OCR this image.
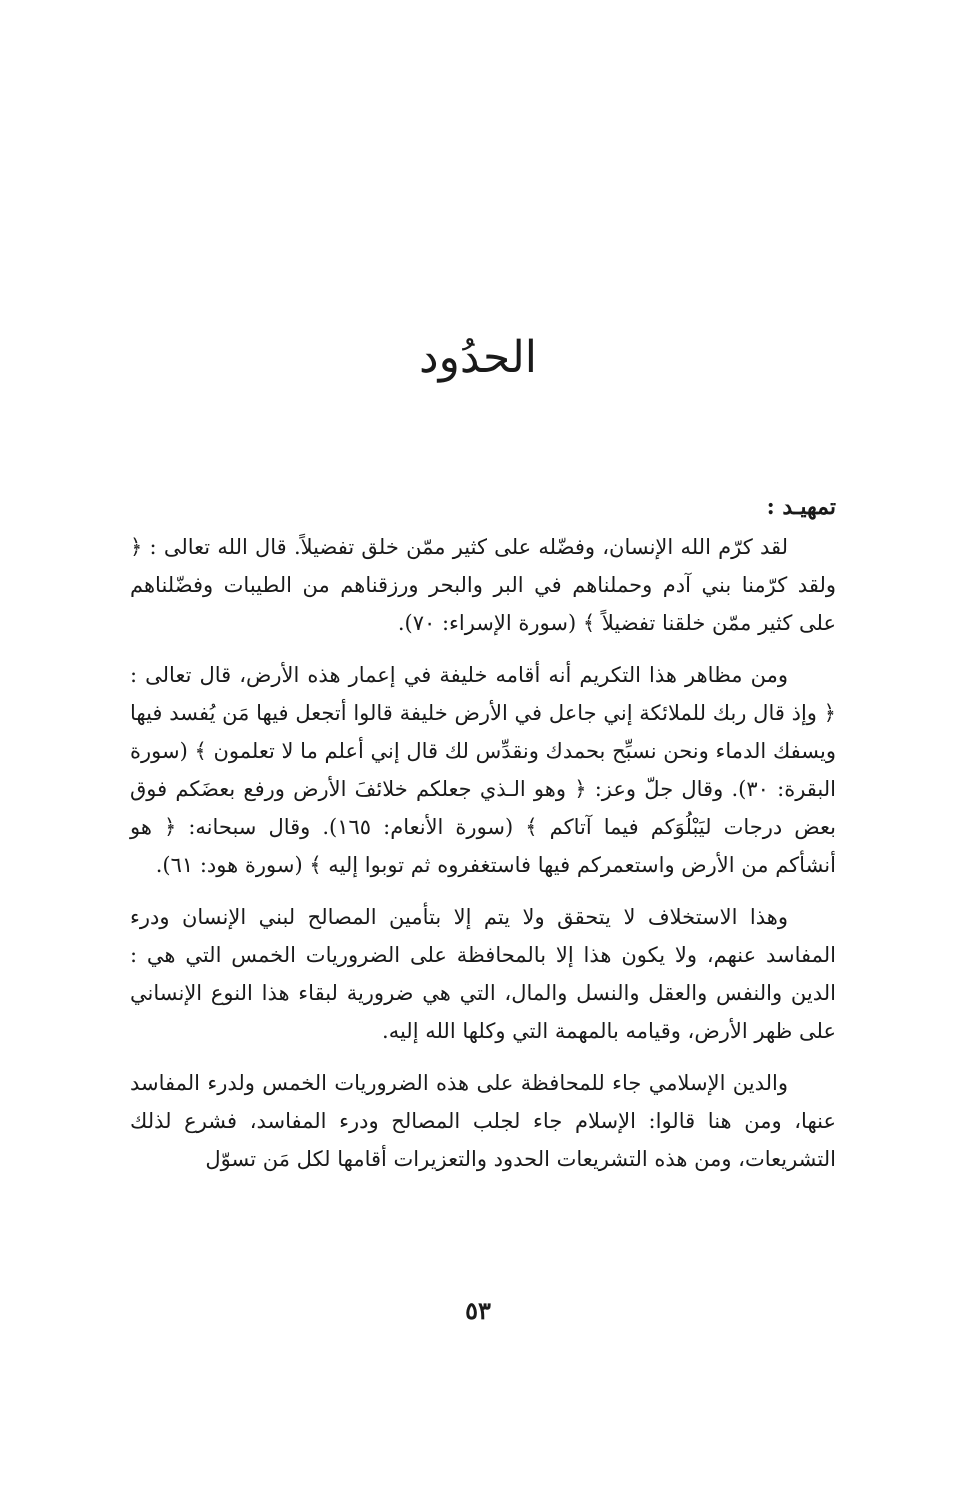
الحدُود
تمهيـد :

لقد كرّم الله الإنسان، وفضّله على كثير ممّن خلق تفضيلاً. قال الله تعالى : ﴿ ولقد كرّمنا بني آدم وحملناهم في البر والبحر ورزقناهم من الطيبات وفضّلناهم على كثير ممّن خلقنا تفضيلاً ﴾ (سورة الإسراء: ٧٠).

ومن مظاهر هذا التكريم أنه أقامه خليفة في إعمار هذه الأرض، قال تعالى : ﴿ وإذ قال ربك للملائكة إني جاعل في الأرض خليفة قالوا أتجعل فيها مَن يُفسد فيها ويسفك الدماء ونحن نسبِّح بحمدك ونقدِّس لك قال إني أعلم ما لا تعلمون ﴾ (سورة البقرة: ٣٠). وقال جلّ وعز: ﴿ وهو الـذي جعلكم خلائفَ الأرض ورفع بعضَكم فوق بعض درجات ليَبْلُوَكم فيما آتاكم ﴾ (سورة الأنعام: ١٦٥). وقال سبحانه: ﴿ هو أنشأكم من الأرض واستعمركم فيها فاستغفروه ثم توبوا إليه ﴾ (سورة هود: ٦١).

وهذا الاستخلاف لا يتحقق ولا يتم إلا بتأمين المصالح لبني الإنسان ودرء المفاسد عنهم، ولا يكون هذا إلا بالمحافظة على الضروريات الخمس التي هي : الدين والنفس والعقل والنسل والمال، التي هي ضرورية لبقاء هذا النوع الإنساني على ظهر الأرض، وقيامه بالمهمة التي وكلها الله إليه.

والدين الإسلامي جاء للمحافظة على هذه الضروريات الخمس ولدرء المفاسد عنها، ومن هنا قالوا: الإسلام جاء لجلب المصالح ودرء المفاسد، فشرع لذلك التشريعات، ومن هذه التشريعات الحدود والتعزيرات أقامها لكل مَن تسوّل

٥٣
